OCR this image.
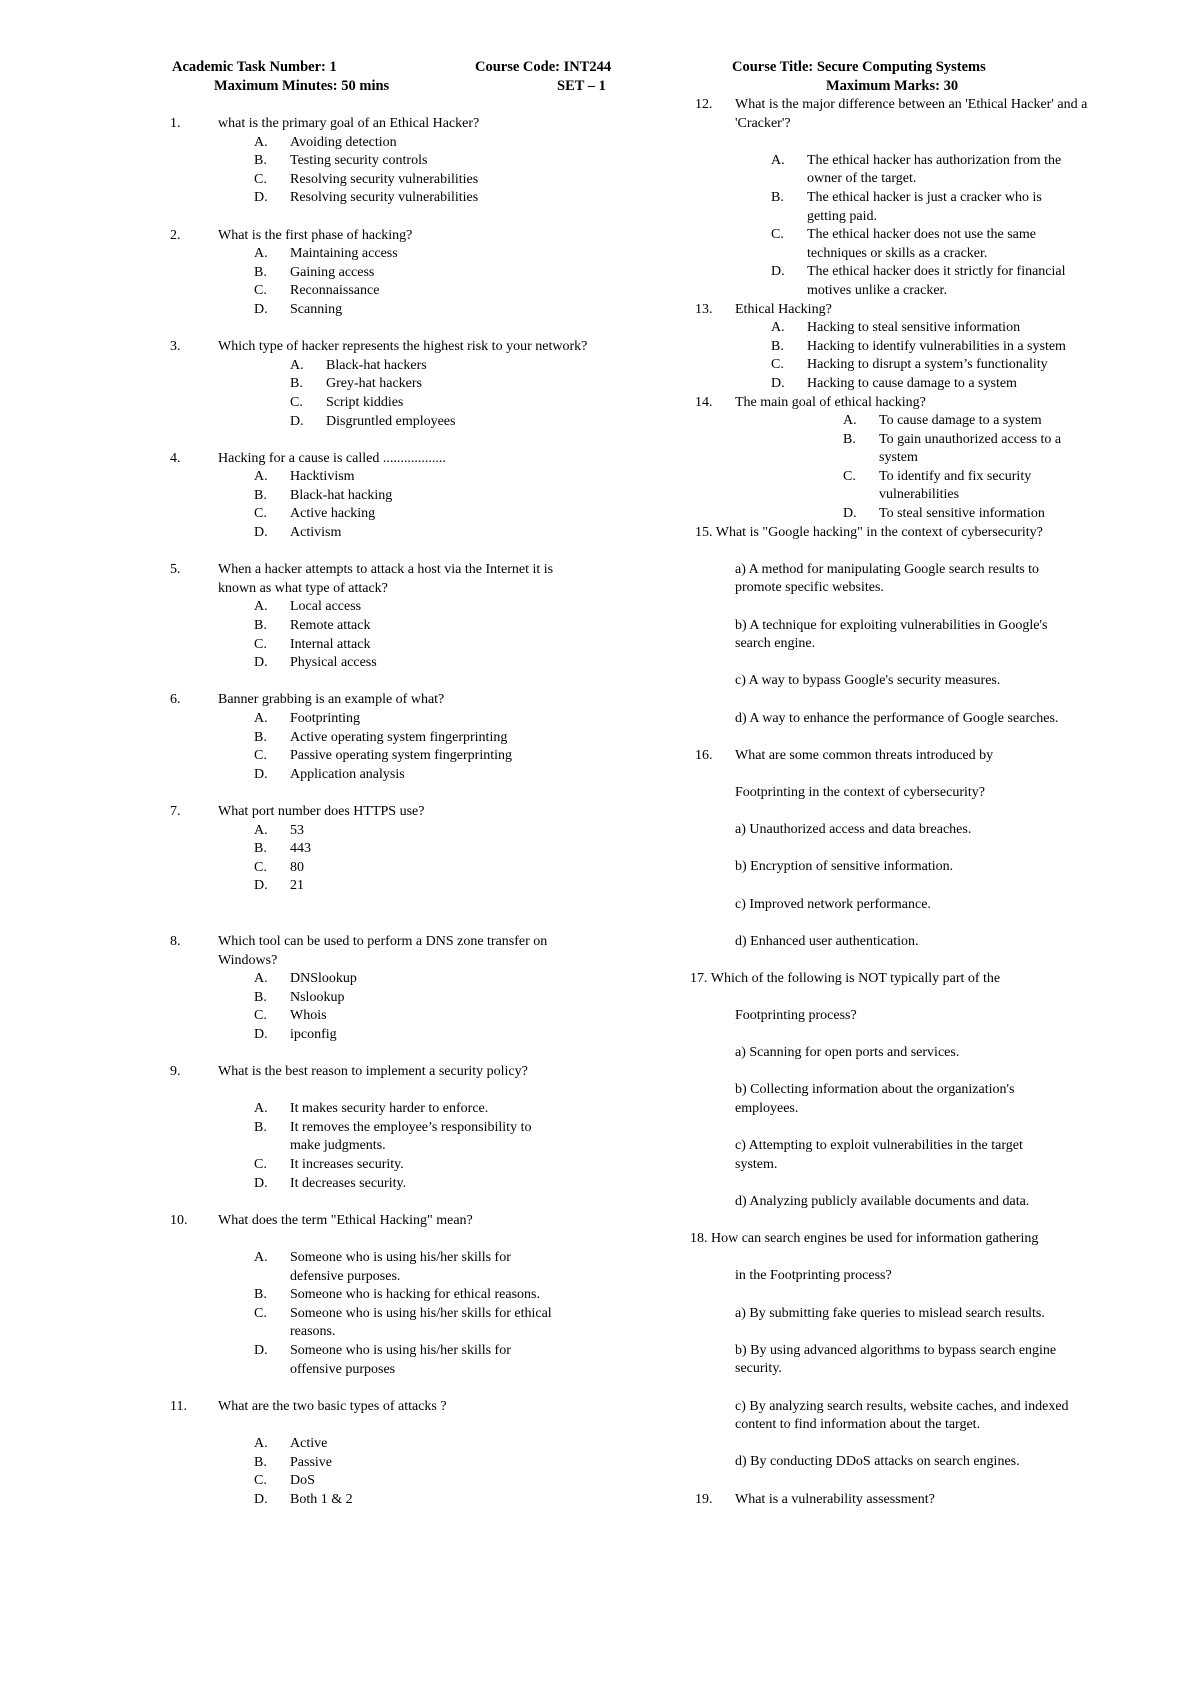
Academic Task Number: 1	Course Code: INT244	Course Title: Secure Computing Systems
Maximum Minutes: 50 mins	SET – 1	Maximum Marks: 30
1.	what is the primary goal of an Ethical Hacker?
A.	Avoiding detection
B.	Testing security controls
C.	Resolving security vulnerabilities
D.	Resolving security vulnerabilities
2.	What is the first phase of hacking?
A.	Maintaining access
B.	Gaining access
C.	Reconnaissance
D.	Scanning
3.	Which type of hacker represents the highest risk to your network?
A.	Black-hat hackers
B.	Grey-hat hackers
C.	Script kiddies
D.	Disgruntled employees
4.	Hacking for a cause is called ..................
A.	Hacktivism
B.	Black-hat hacking
C.	Active hacking
D.	Activism
5.	When a hacker attempts to attack a host via the Internet it is known as what type of attack?
A.	Local access
B.	Remote attack
C.	Internal attack
D.	Physical access
6.	Banner grabbing is an example of what?
A.	Footprinting
B.	Active operating system fingerprinting
C.	Passive operating system fingerprinting
D.	Application analysis
7.	What port number does HTTPS use?
A.	53
B.	443
C.	80
D.	21
8.	Which tool can be used to perform a DNS zone transfer on Windows?
A.	DNSlookup
B.	Nslookup
C.	Whois
D.	ipconfig
9.	What is the best reason to implement a security policy?
A.	It makes security harder to enforce.
B.	It removes the employee’s responsibility to make judgments.
C.	It increases security.
D.	It decreases security.
10.	What does the term "Ethical Hacking" mean?
A.	Someone who is using his/her skills for defensive purposes.
B.	Someone who is hacking for ethical reasons.
C.	Someone who is using his/her skills for ethical reasons.
D.	Someone who is using his/her skills for offensive purposes
11.	What are the two basic types of attacks ?
A.	Active
B.	Passive
C.	DoS
D.	Both 1 & 2
12.	What is the major difference between an 'Ethical Hacker' and a 'Cracker'?
A.	The ethical hacker has authorization from the owner of the target.
B.	The ethical hacker is just a cracker who is getting paid.
C.	The ethical hacker does not use the same techniques or skills as a cracker.
D.	The ethical hacker does it strictly for financial motives unlike a cracker.
13.	Ethical Hacking?
A.	Hacking to steal sensitive information
B.	Hacking to identify vulnerabilities in a system
C.	Hacking to disrupt a system’s functionality
D.	Hacking to cause damage to a system
14.	The main goal of ethical hacking?
A.	To cause damage to a system
B.	To gain unauthorized access to a system
C.	To identify and fix security vulnerabilities
D.	To steal sensitive information
15. What is "Google hacking" in the context of cybersecurity?
a) A method for manipulating Google search results to promote specific websites.
b) A technique for exploiting vulnerabilities in Google's search engine.
c) A way to bypass Google's security measures.
d) A way to enhance the performance of Google searches.
16.	What are some common threats introduced by
Footprinting in the context of cybersecurity?
a) Unauthorized access and data breaches.
b) Encryption of sensitive information.
c) Improved network performance.
d) Enhanced user authentication.
17. Which of the following is NOT typically part of the
Footprinting process?
a) Scanning for open ports and services.
b) Collecting information about the organization's employees.
c) Attempting to exploit vulnerabilities in the target system.
d) Analyzing publicly available documents and data.
18. How can search engines be used for information gathering
in the Footprinting process?
a) By submitting fake queries to mislead search results.
b) By using advanced algorithms to bypass search engine security.
c) By analyzing search results, website caches, and indexed content to find information about the target.
d) By conducting DDoS attacks on search engines.
19.	What is a vulnerability assessment?
